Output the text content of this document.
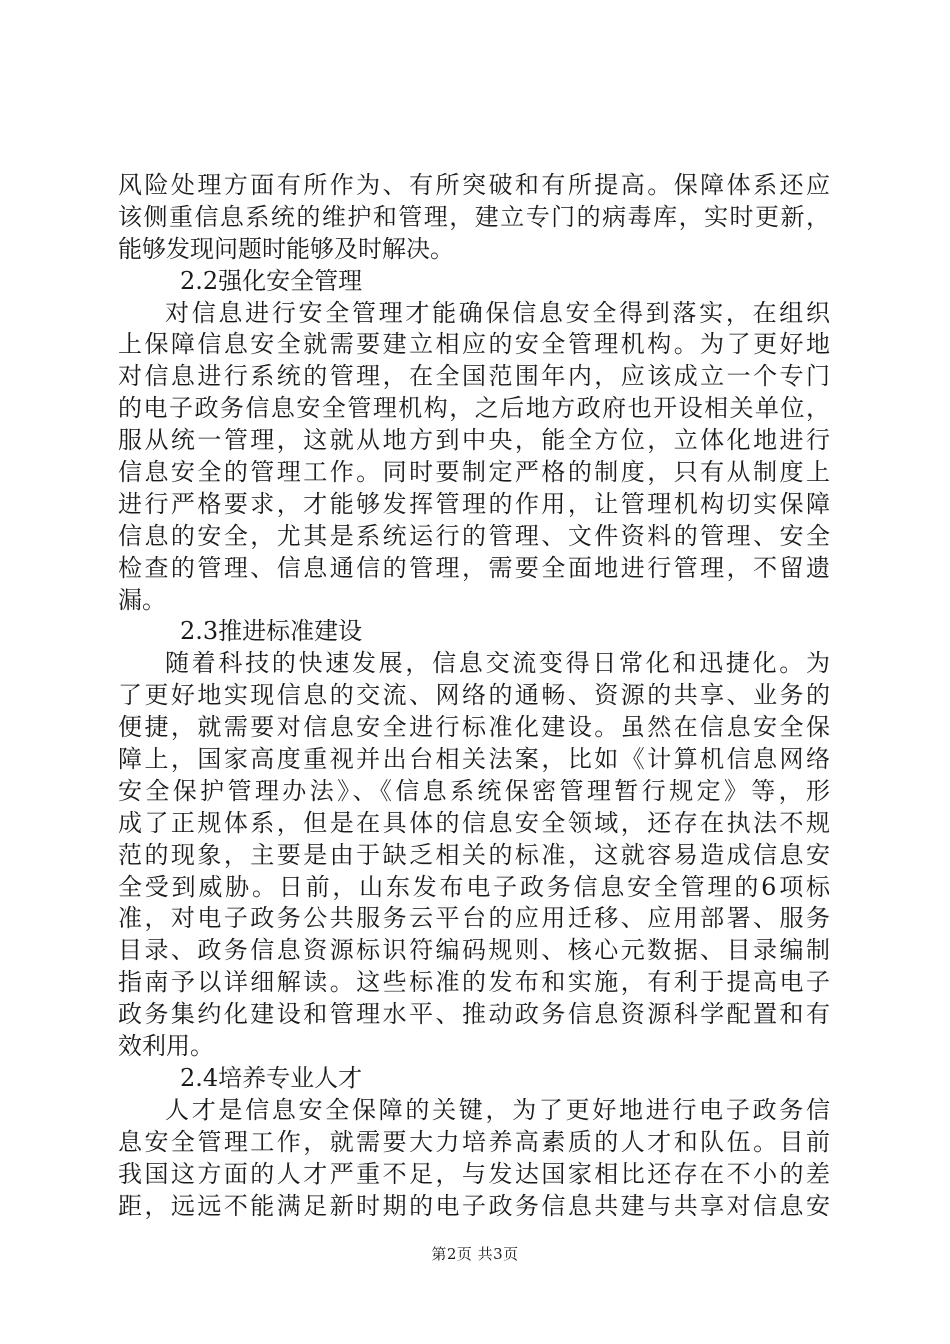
风险处理方面有所作为、有所突破和有所提高。保障体系还应
该侧重信息系统的维护和管理，建立专门的病毒库，实时更新，
能够发现问题时能够及时解决。
2.2强化安全管理
对信息进行安全管理才能确保信息安全得到落实，在组织
上保障信息安全就需要建立相应的安全管理机构。为了更好地
对信息进行系统的管理，在全国范围年内，应该成立一个专门
的电子政务信息安全管理机构，之后地方政府也开设相关单位，
服从统一管理，这就从地方到中央，能全方位，立体化地进行
信息安全的管理工作。同时要制定严格的制度，只有从制度上
进行严格要求，才能够发挥管理的作用，让管理机构切实保障
信息的安全，尤其是系统运行的管理、文件资料的管理、安全
检查的管理、信息通信的管理，需要全面地进行管理，不留遗
漏。
2.3推进标准建设
随着科技的快速发展，信息交流变得日常化和迅捷化。为
了更好地实现信息的交流、网络的通畅、资源的共享、业务的
便捷，就需要对信息安全进行标准化建设。虽然在信息安全保
障上，国家高度重视并出台相关法案，比如《计算机信息网络
安全保护管理办法》、《信息系统保密管理暂行规定》等，形
成了正规体系，但是在具体的信息安全领域，还存在执法不规
范的现象，主要是由于缺乏相关的标准，这就容易造成信息安
全受到威胁。日前，山东发布电子政务信息安全管理的6项标
准，对电子政务公共服务云平台的应用迁移、应用部署、服务
目录、政务信息资源标识符编码规则、核心元数据、目录编制
指南予以详细解读。这些标准的发布和实施，有利于提高电子
政务集约化建设和管理水平、推动政务信息资源科学配置和有
效利用。
2.4培养专业人才
人才是信息安全保障的关键，为了更好地进行电子政务信
息安全管理工作，就需要大力培养高素质的人才和队伍。目前
我国这方面的人才严重不足，与发达国家相比还存在不小的差
距，远远不能满足新时期的电子政务信息共建与共享对信息安
第2页 共3页
